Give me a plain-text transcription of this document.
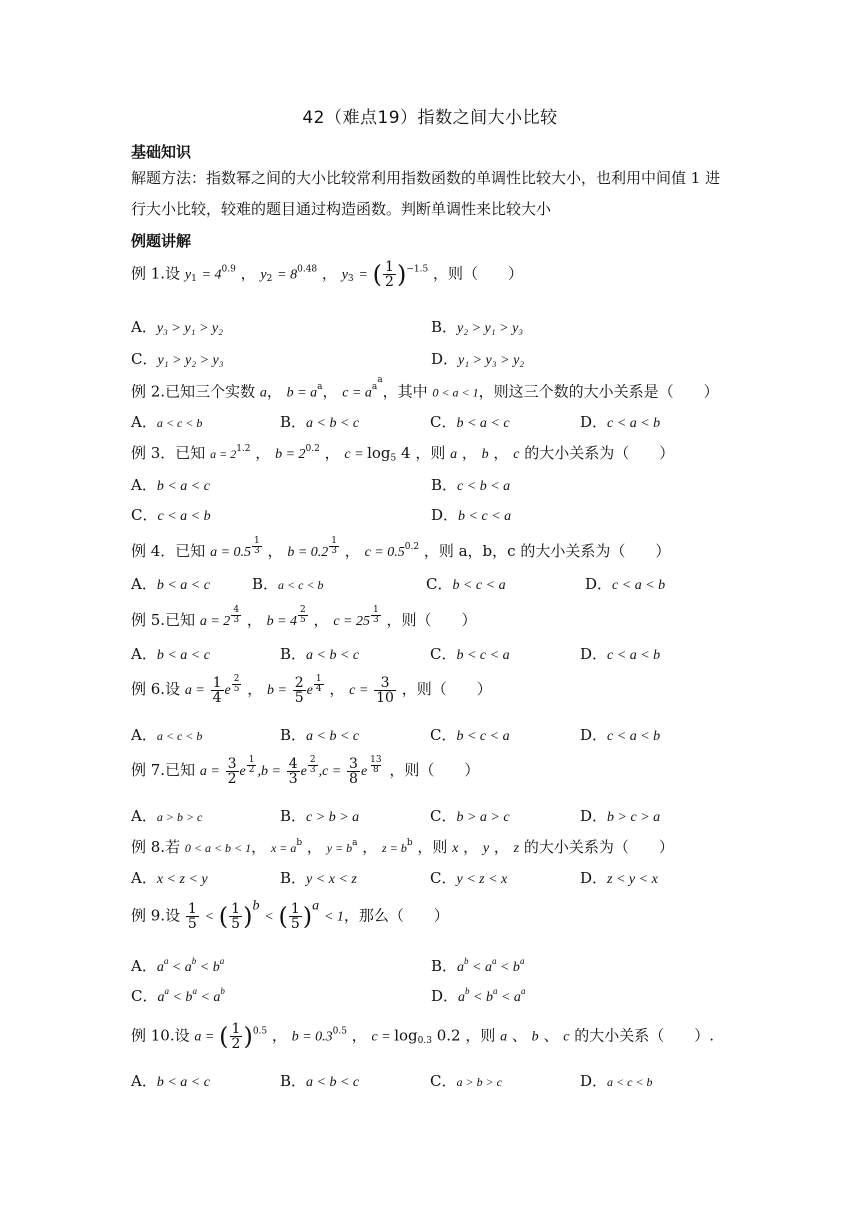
42（难点19）指数之间大小比较
基础知识
解题方法：指数幂之间的大小比较常利用指数函数的单调性比较大小，也利用中间值 1 进行大小比较，较难的题目通过构造函数。判断单调性来比较大小
例题讲解
例 1.设 $y_1 = 4^{0.9}$ ， $y_2 = 8^{0.48}$ ， $y_3$ = ( $\frac{1}{2} )^{-1.5}$ ，则（　　）
A．y₃ > y₁ > y₂	B．y₂ > y₁ > y₃
C．y₁ > y₂ > y₃	D．y₁ > y₃ > y₂
例 2.已知三个实数 a， $b = a^a$， $c = a^{a^a}$，其中 0 < a < 1，则这三个数的大小关系是（　　）
A．a < c < b	B．a < b < c	C．b < a < c	D．c < a < b
例 3．已知 $a = 2^{1.2}$ ， $b = 2^{0.2}$ ， $c = \log_5 4$ ，则 a ， b ， c 的大小关系为（　　）
A．b < a < c	B．c < b < a
C．c < a < b	D．b < c < a
例 4．已知 a = 0.5 $^{\frac{1}{3}}$ ， b = 0.2 $^{\frac{1}{3}}$ ， $c = 0.5^{0.2}$ ，则 a，b，c 的大小关系为（　　）
A．b < a < c	B．a < c < b	C．b < c < a	D．c < a < b
例 5.已知 a = 2 $^{\frac{4}{3}}$ ， b = 4 $^{\frac{2}{5}}$ ， c = 25 $^{\frac{1}{3}}$ ，则（　　）
A．b < a < c	B．a < b < c	C．b < c < a	D．c < a < b
例 6.设 $a = \frac{1}{4}$ e $^{\frac{2}{5}}$ ， $b = \frac{2}{5}$ e $^{\frac{1}{4}}$ ， $c = \frac{3}{10}$ ，则（　　）
A．a < c < b	B．a < b < c	C．b < c < a	D．c < a < b
例 7.已知 $a = \frac{3}{2}$ e $^{\frac{1}{2}}$ $,b = \frac{4}{3}$ e $^{\frac{2}{3}}$ $,c = \frac{3}{8}$ e $^{\frac{13}{8}}$ ，则（　　）
A．a > b > c	B．c > b > a	C．b > a > c	D．b > c > a
例 8.若 0 < a < b < 1， $x = a^b$ ， $y = b^a$ ， $z = b^b$ ，则 x ， y ， z 的大小关系为（　　）
A．x < z < y	B．y < x < z	C．y < z < x	D．z < y < x
例 9.设 $\frac{1}{5}$ < ( $\frac{1}{5} )^b$ < ( $\frac{1}{5} )^a < 1$，那么（　　）
A．$a^a < a^b < b^a$	B．$a^b < a^a < b^a$
C．$a^a < b^a < a^b$	D．$a^b < b^a < a^a$
例 10.设 a = ( $\frac{1}{2} )^{0.5}$ ， $b = 0.3^{0.5}$ ， $c = \log_{0.3} 0.2$ ，则 a 、 b 、 c 的大小关系（　　）.
A．b < a < c	B．a < b < c	C．a > b > c	D．a < c < b
